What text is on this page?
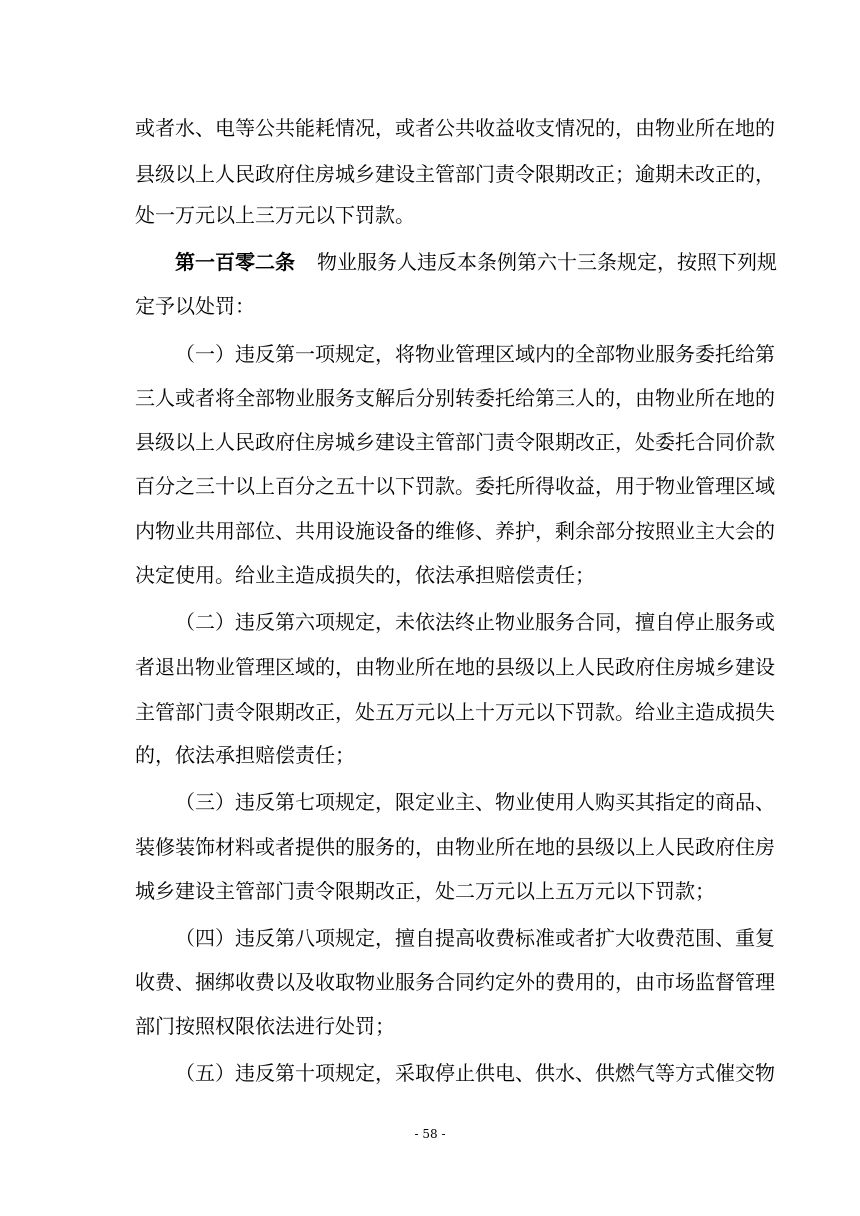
或者水、电等公共能耗情况，或者公共收益收支情况的，由物业所在地的
县级以上人民政府住房城乡建设主管部门责令限期改正；逾期未改正的，
处一万元以上三万元以下罚款。
第一百零二条 物业服务人违反本条例第六十三条规定，按照下列规
定予以处罚：
（一）违反第一项规定，将物业管理区域内的全部物业服务委托给第
三人或者将全部物业服务支解后分别转委托给第三人的，由物业所在地的
县级以上人民政府住房城乡建设主管部门责令限期改正，处委托合同价款
百分之三十以上百分之五十以下罚款。委托所得收益，用于物业管理区域
内物业共用部位、共用设施设备的维修、养护，剩余部分按照业主大会的
决定使用。给业主造成损失的，依法承担赔偿责任；
（二）违反第六项规定，未依法终止物业服务合同，擅自停止服务或
者退出物业管理区域的，由物业所在地的县级以上人民政府住房城乡建设
主管部门责令限期改正，处五万元以上十万元以下罚款。给业主造成损失
的，依法承担赔偿责任；
（三）违反第七项规定，限定业主、物业使用人购买其指定的商品、
装修装饰材料或者提供的服务的，由物业所在地的县级以上人民政府住房
城乡建设主管部门责令限期改正，处二万元以上五万元以下罚款；
（四）违反第八项规定，擅自提高收费标准或者扩大收费范围、重复
收费、捆绑收费以及收取物业服务合同约定外的费用的，由市场监督管理
部门按照权限依法进行处罚；
（五）违反第十项规定，采取停止供电、供水、供燃气等方式催交物
- 58 -
